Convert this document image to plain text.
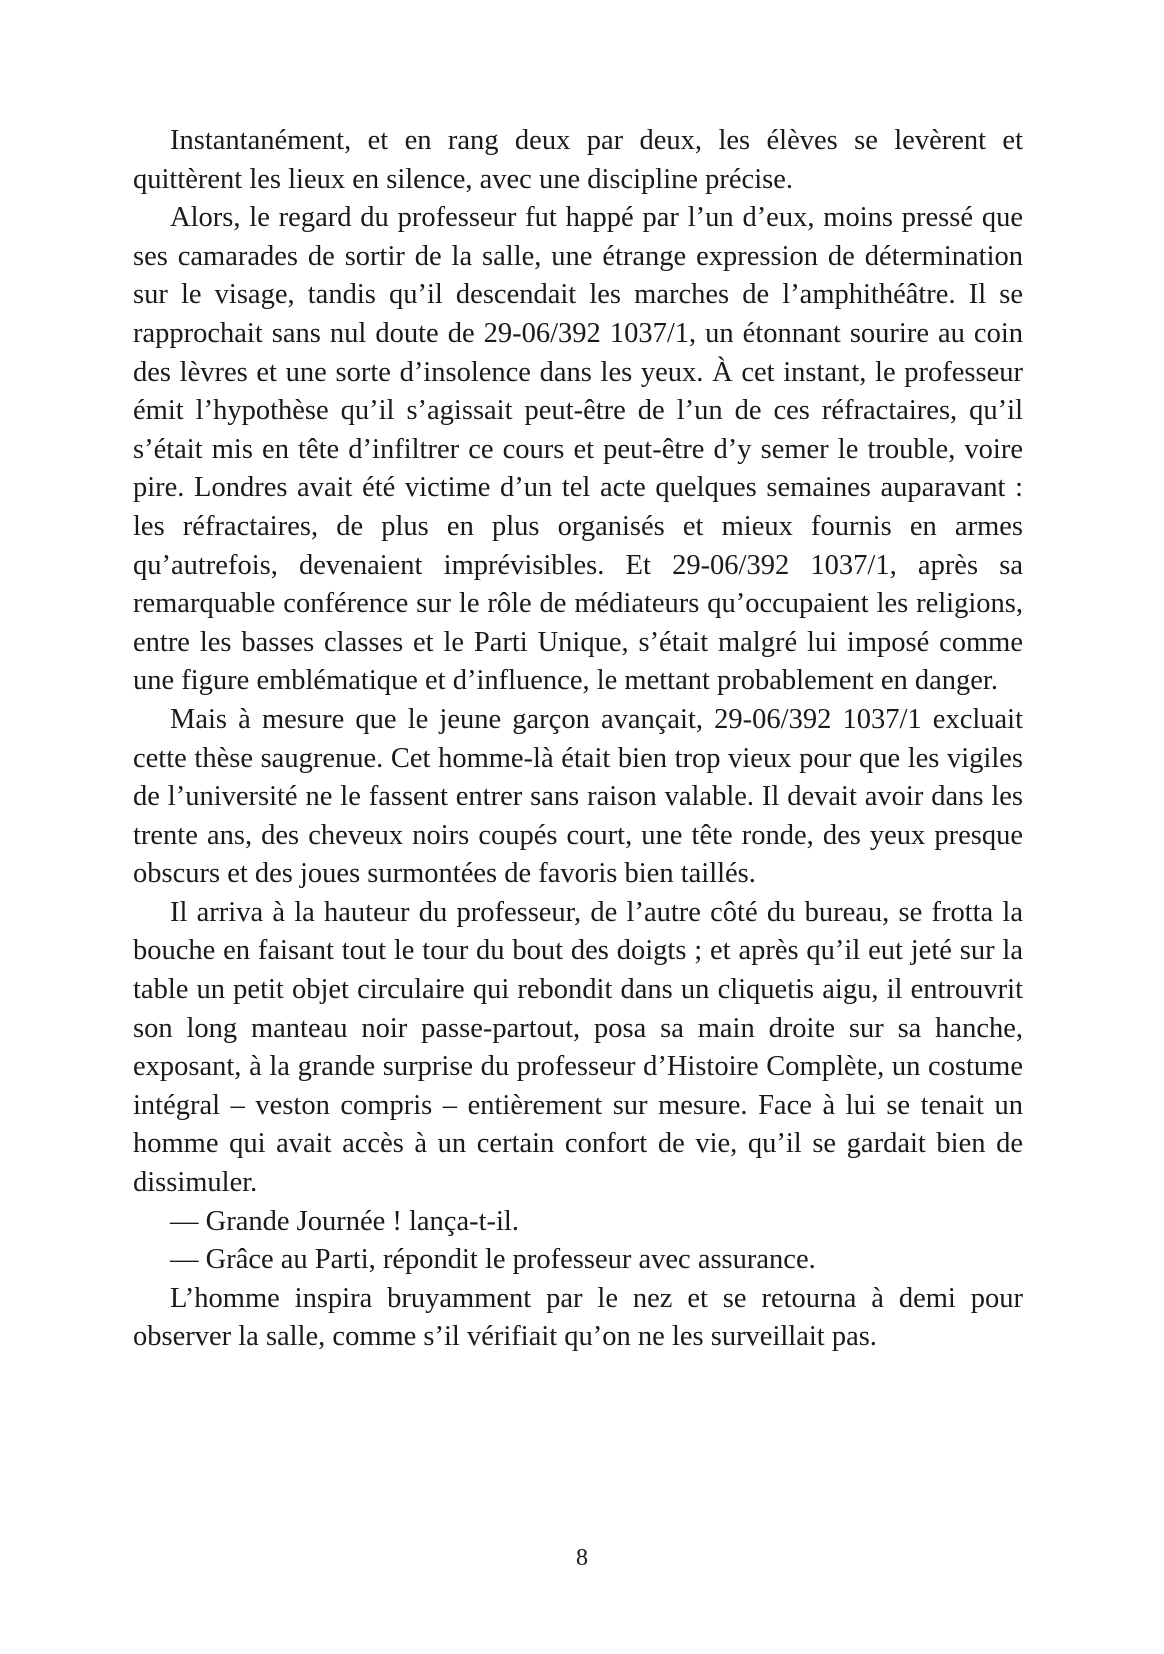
Instantanément, et en rang deux par deux, les élèves se levèrent et quittèrent les lieux en silence, avec une discipline précise.

Alors, le regard du professeur fut happé par l’un d’eux, moins pressé que ses camarades de sortir de la salle, une étrange expression de détermination sur le visage, tandis qu’il descendait les marches de l’amphithéâtre. Il se rapprochait sans nul doute de 29-06/392 1037/1, un étonnant sourire au coin des lèvres et une sorte d’insolence dans les yeux. À cet instant, le professeur émit l’hypothèse qu’il s’agissait peut-être de l’un de ces réfractaires, qu’il s’était mis en tête d’infiltrer ce cours et peut-être d’y semer le trouble, voire pire. Londres avait été victime d’un tel acte quelques semaines auparavant : les réfractaires, de plus en plus organisés et mieux fournis en armes qu’autrefois, devenaient imprévisibles. Et 29-06/392 1037/1, après sa remarquable conférence sur le rôle de médiateurs qu’occupaient les religions, entre les basses classes et le Parti Unique, s’était malgré lui imposé comme une figure emblématique et d’influence, le mettant probablement en danger.

Mais à mesure que le jeune garçon avançait, 29-06/392 1037/1 excluait cette thèse saugrenue. Cet homme-là était bien trop vieux pour que les vigiles de l’université ne le fassent entrer sans raison valable. Il devait avoir dans les trente ans, des cheveux noirs coupés court, une tête ronde, des yeux presque obscurs et des joues surmontées de favoris bien taillés.

Il arriva à la hauteur du professeur, de l’autre côté du bureau, se frotta la bouche en faisant tout le tour du bout des doigts ; et après qu’il eut jeté sur la table un petit objet circulaire qui rebondit dans un cliquetis aigu, il entrouvrit son long manteau noir passe-partout, posa sa main droite sur sa hanche, exposant, à la grande surprise du professeur d’Histoire Complète, un costume intégral – veston compris – entièrement sur mesure. Face à lui se tenait un homme qui avait accès à un certain confort de vie, qu’il se gardait bien de dissimuler.

— Grande Journée ! lança-t-il.

— Grâce au Parti, répondit le professeur avec assurance.

L’homme inspira bruyamment par le nez et se retourna à demi pour observer la salle, comme s’il vérifiait qu’on ne les surveillait pas.

8
